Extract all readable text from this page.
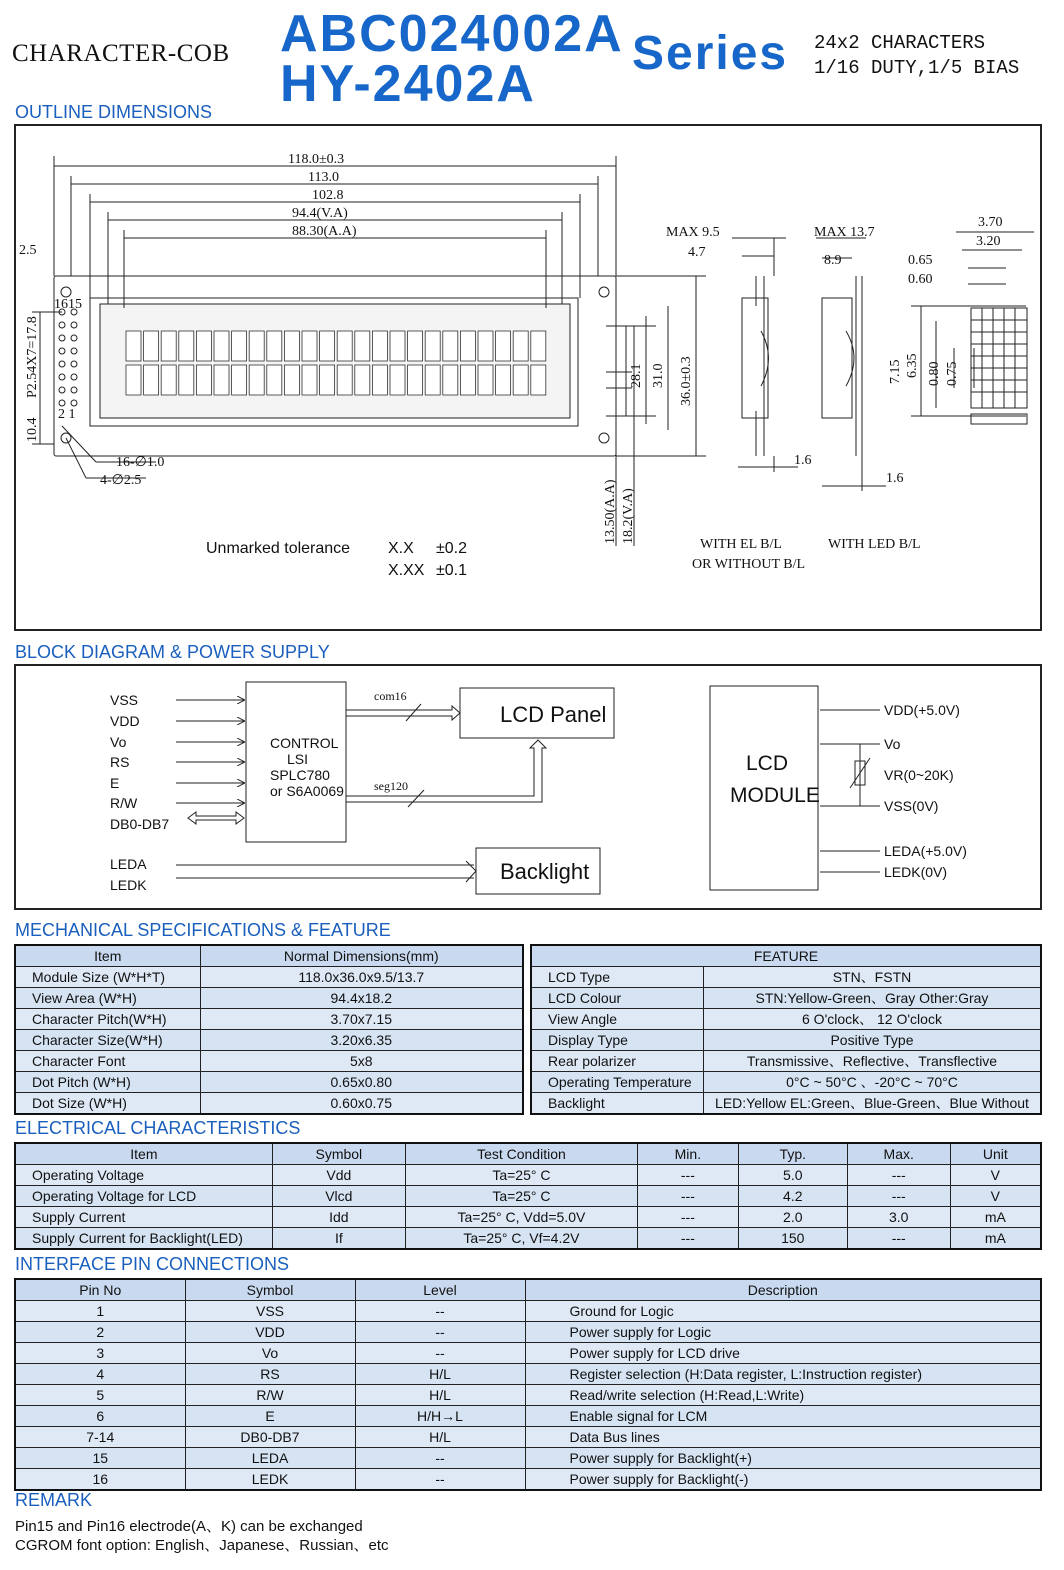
CHARACTER-COB ABC024002A
HY-2402A
Series 24x2 CHARACTERS
1/16 DUTY,1/5 BIAS
OUTLINE DIMENSIONS
118.0±0.3
113.0
102.8
94.4(V.A)
88.30(A.A)
2.5
P2.54X7=17.8
10.4
1615
2 1
16-∅1.0
4-∅2.5
28.1 31.0 36.0±0.3
13.50(A.A) 18.2(V.A)
MAX 9.5
4.7
MAX 13.7
8.9
1.6
1.6
3.70
3.20
0.65
0.60
7.15 6.35 0.80 0.75
WITH EL B/L
OR WITHOUT B/L
WITH LED B/L
Unmarked tolerance X.X ±0.2
X.XX ±0.1
BLOCK DIAGRAM & POWER SUPPLY
VSS
VDD
Vo
RS
E
R/W
DB0-DB7
LEDA
LEDK
CONTROL
LSI
SPLC780
or S6A0069
com16
seg120
LCD Panel
Backlight
LCD
MODULE
VDD(+5.0V)
Vo
VR(0~20K)
VSS(0V)
LEDA(+5.0V)
LEDK(0V)
MECHANICAL SPECIFICATIONS & FEATURE
Item	Normal Dimensions(mm)
Module Size (W*H*T)	118.0x36.0x9.5/13.7
View Area (W*H)	94.4x18.2
Character Pitch(W*H)	3.70x7.15
Character Size(W*H)	3.20x6.35
Character Font	5x8
Dot Pitch (W*H)	0.65x0.80
Dot Size (W*H)	0.60x0.75
FEATURE	
LCD Type	STN、FSTN
LCD Colour	STN:Yellow-Green、Gray Other:Gray
View Angle	6 O'clock、 12 O'clock
Display Type	Positive Type
Rear polarizer	Transmissive、Reflective、Transflective
Operating Temperature	0°C ~ 50°C 、-20°C ~ 70°C
Backlight	LED:Yellow EL:Green、Blue-Green、Blue Without
ELECTRICAL CHARACTERISTICS
Item	Symbol	Test Condition	Min.	Typ.	Max.	Unit
Operating Voltage	Vdd	Ta=25° C	---	5.0	---	V
Operating Voltage for LCD	Vlcd	Ta=25° C	---	4.2	---	V
Supply Current	Idd	Ta=25° C, Vdd=5.0V	---	2.0	3.0	mA
Supply Current for Backlight(LED)	If	Ta=25° C, Vf=4.2V	---	150	---	mA
INTERFACE PIN CONNECTIONS
Pin No	Symbol	Level	Description
1	VSS	--	Ground for Logic
2	VDD	--	Power supply for Logic
3	Vo	--	Power supply for LCD drive
4	RS	H/L	Register selection (H:Data register, L:Instruction register)
5	R/W	H/L	Read/write selection (H:Read,L:Write)
6	E	H/H→L	Enable signal for LCM
7-14	DB0-DB7	H/L	Data Bus lines
15	LEDA	--	Power supply for Backlight(+)
16	LEDK	--	Power supply for Backlight(-)
REMARK
Pin15 and Pin16 electrode(A、K) can be exchanged
CGROM font option: English、Japanese、Russian、etc
